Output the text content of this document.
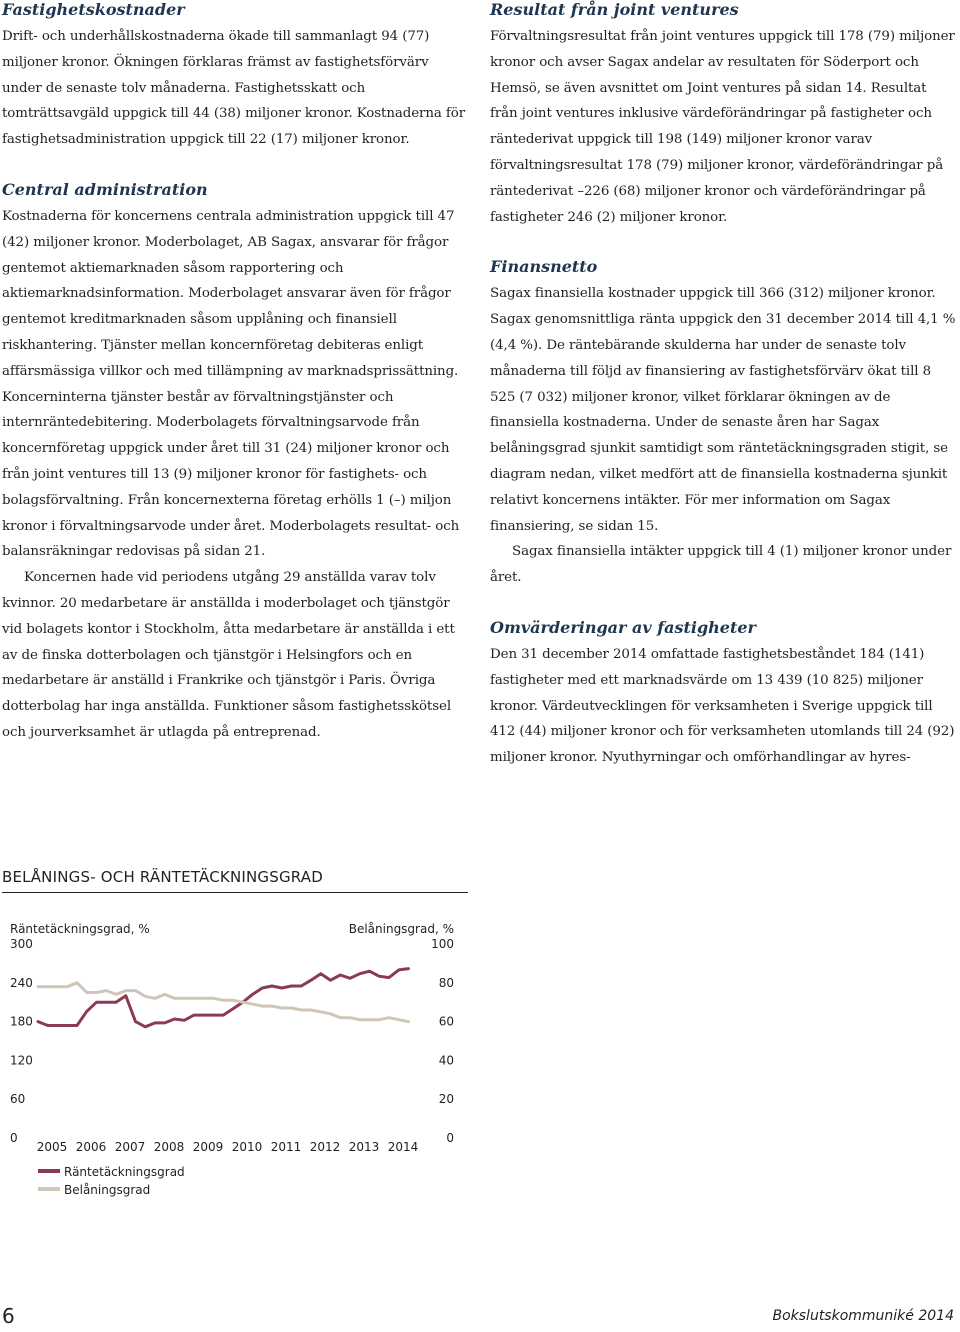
Fastighetskostnader

Drift- och underhållskostnaderna ökade till sammanlagt 94 (77) miljoner kronor. Ökningen förklaras främst av fastighetsförvärv under de senaste tolv månaderna. Fastighetsskatt och tomträttsavgäld uppgick till 44 (38) miljoner kronor. Kostnaderna för fastighetsadministration uppgick till 22 (17) miljoner kronor.

Central administration

Kostnaderna för koncernens centrala administration uppgick till 47 (42) miljoner kronor. Moderbolaget, AB Sagax, ansvarar för frågor gentemot aktiemarknaden såsom rapportering och aktiemarknadsinformation. Moderbolaget ansvarar även för frågor gentemot kreditmarknaden såsom upplåning och finansiell riskhantering. Tjänster mellan koncernföretag debiteras enligt affärsmässiga villkor och med tillämpning av marknadsprissättning. Koncerninterna tjänster består av förvaltningstjänster och internräntedebitering. Moderbolagets förvaltningsarvode från koncernföretag uppgick under året till 31 (24) miljoner kronor och från joint ventures till 13 (9) miljoner kronor för fastighets- och bolagsförvaltning. Från koncernexterna företag erhölls 1 (–) miljon kronor i förvaltningsarvode under året. Moderbolagets resultat- och balansräkningar redovisas på sidan 21.

Koncernen hade vid periodens utgång 29 anställda varav tolv kvinnor. 20 medarbetare är anställda i moderbolaget och tjänstgör vid bolagets kontor i Stockholm, åtta medarbetare är anställda i ett av de finska dotterbolagen och tjänstgör i Helsingfors och en medarbetare är anställd i Frankrike och tjänstgör i Paris. Övriga dotterbolag har inga anställda. Funktioner såsom fastighetsskötsel och jourverksamhet är utlagda på entreprenad.

Resultat från joint ventures

Förvaltningsresultat från joint ventures uppgick till 178 (79) miljoner kronor och avser Sagax andelar av resultaten för Söderport och Hemsö, se även avsnittet om Joint ventures på sidan 14. Resultat från joint ventures inklusive värdeförändringar på fastigheter och räntederivat uppgick till 198 (149) miljoner kronor varav förvaltningsresultat 178 (79) miljoner kronor, värdeförändringar på räntederivat –226 (68) miljoner kronor och värdeförändringar på fastigheter 246 (2) miljoner kronor.

Finansnetto

Sagax finansiella kostnader uppgick till 366 (312) miljoner kronor. Sagax genomsnittliga ränta uppgick den 31 december 2014 till 4,1 % (4,4 %). De räntebärande skulderna har under de senaste tolv månaderna till följd av finansiering av fastighetsförvärv ökat till 8 525 (7 032) miljoner kronor, vilket förklarar ökningen av de finansiella kostnaderna. Under de senaste åren har Sagax belåningsgrad sjunkit samtidigt som räntetäckningsgraden stigit, se diagram nedan, vilket medfört att de finansiella kostnaderna sjunkit relativt koncernens intäkter. För mer information om Sagax finansiering, se sidan 15.

Sagax finansiella intäkter uppgick till 4 (1) miljoner kronor under året.

Omvärderingar av fastigheter

Den 31 december 2014 omfattade fastighetsbeståndet 184 (141) fastigheter med ett marknadsvärde om 13 439 (10 825) miljoner kronor. Värdeutvecklingen för verksamheten i Sverige uppgick till 412 (44) miljoner kronor och för verksamheten utomlands till 24 (92) miljoner kronor. Nyuthyrningar och omförhandlingar av hyres-

BELÅNINGS- OCH RÄNTETÄCKNINGSGRAD
Räntetäckningsgrad, %	Belåningsgrad, %
300
240
180
120
60
0
100
80
60
40
20
0
2005 2006 2007 2008 2009 2010 2011 2012 2013 2014
Räntetäckningsgrad
Belåningsgrad
6	Bokslutskommuniké 2014
